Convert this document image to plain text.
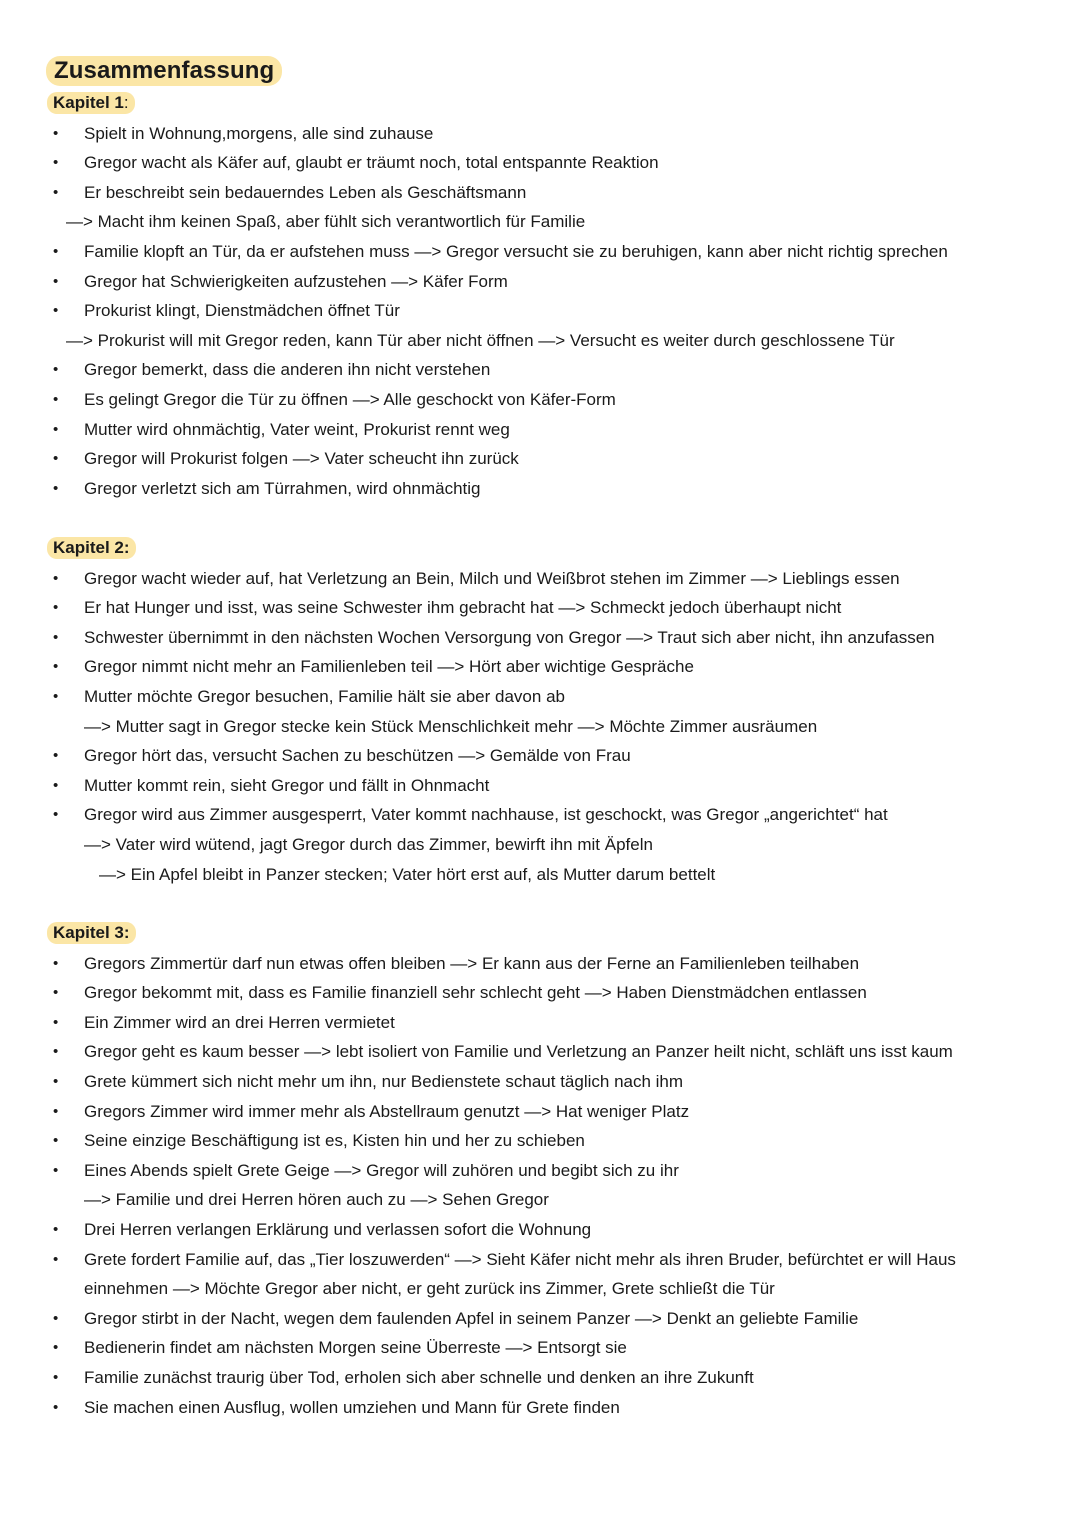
Zusammenfassung
Kapitel 1:
• Spielt in Wohnung,morgens, alle sind zuhause
• Gregor wacht als Käfer auf, glaubt er träumt noch, total entspannte Reaktion
• Er beschreibt sein bedauerndes Leben als Geschäftsmann
—> Macht ihm keinen Spaß, aber fühlt sich verantwortlich für Familie
• Familie klopft an Tür, da er aufstehen muss —> Gregor versucht sie zu beruhigen, kann aber nicht richtig sprechen
• Gregor hat Schwierigkeiten aufzustehen —> Käfer Form
• Prokurist klingt, Dienstmädchen öffnet Tür
—> Prokurist will mit Gregor reden, kann Tür aber nicht öffnen —> Versucht es weiter durch geschlossene Tür
• Gregor bemerkt, dass die anderen ihn nicht verstehen
• Es gelingt Gregor die Tür zu öffnen —> Alle geschockt von Käfer-Form
• Mutter wird ohnmächtig, Vater weint, Prokurist rennt weg
• Gregor will Prokurist folgen —> Vater scheucht ihn zurück
• Gregor verletzt sich am Türrahmen, wird ohnmächtig
Kapitel 2:
• Gregor wacht wieder auf, hat Verletzung an Bein, Milch und Weißbrot stehen im Zimmer —> Lieblings essen
• Er hat Hunger und isst, was seine Schwester ihm gebracht hat —> Schmeckt jedoch überhaupt nicht
• Schwester übernimmt in den nächsten Wochen Versorgung von Gregor —> Traut sich aber nicht, ihn anzufassen
• Gregor nimmt nicht mehr an Familienleben teil —> Hört aber wichtige Gespräche
• Mutter möchte Gregor besuchen, Familie hält sie aber davon ab
—> Mutter sagt in Gregor stecke kein Stück Menschlichkeit mehr —> Möchte Zimmer ausräumen
• Gregor hört das, versucht Sachen zu beschützen —> Gemälde von Frau
• Mutter kommt rein, sieht Gregor und fällt in Ohnmacht
• Gregor wird aus Zimmer ausgesperrt, Vater kommt nachhause, ist geschockt, was Gregor „angerichtet“ hat
—> Vater wird wütend, jagt Gregor durch das Zimmer, bewirft ihn mit Äpfeln
—> Ein Apfel bleibt in Panzer stecken; Vater hört erst auf, als Mutter darum bettelt
Kapitel 3:
• Gregors Zimmertür darf nun etwas offen bleiben —> Er kann aus der Ferne an Familienleben teilhaben
• Gregor bekommt mit, dass es Familie finanziell sehr schlecht geht —> Haben Dienstmädchen entlassen
• Ein Zimmer wird an drei Herren vermietet
• Gregor geht es kaum besser —> lebt isoliert von Familie und Verletzung an Panzer heilt nicht, schläft uns isst kaum
• Grete kümmert sich nicht mehr um ihn, nur Bedienstete schaut täglich nach ihm
• Gregors Zimmer wird immer mehr als Abstellraum genutzt —> Hat weniger Platz
• Seine einzige Beschäftigung ist es, Kisten hin und her zu schieben
• Eines Abends spielt Grete Geige —> Gregor will zuhören und begibt sich zu ihr
—> Familie und drei Herren hören auch zu —> Sehen Gregor
• Drei Herren verlangen Erklärung und verlassen sofort die Wohnung
• Grete fordert Familie auf, das „Tier loszuwerden“ —> Sieht Käfer nicht mehr als ihren Bruder, befürchtet er will Haus
einnehmen —> Möchte Gregor aber nicht, er geht zurück ins Zimmer, Grete schließt die Tür
• Gregor stirbt in der Nacht, wegen dem faulenden Apfel in seinem Panzer —> Denkt an geliebte Familie
• Bedienerin findet am nächsten Morgen seine Überreste —> Entsorgt sie
• Familie zunächst traurig über Tod, erholen sich aber schnelle und denken an ihre Zukunft
• Sie machen einen Ausflug, wollen umziehen und Mann für Grete finden
